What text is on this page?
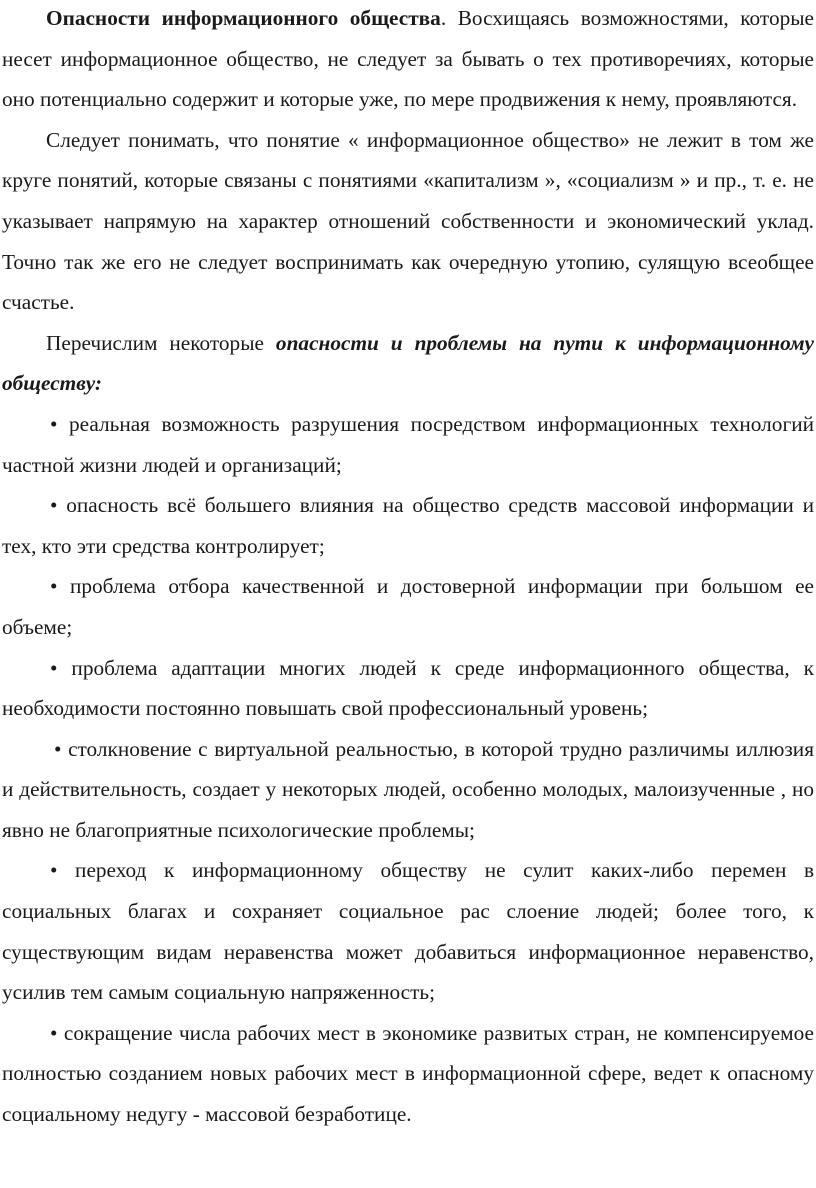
Опасности информационного общества. Восхищаясь возможностями, которые несет информационное общество, не следует за бывать о тех противоречиях, которые оно потенциально содержит и которые уже, по мере продвижения к нему, проявляются.

Следует понимать, что понятие « информационное общество» не лежит в том же круге понятий, которые связаны с понятиями «капитализм », «социализм » и пр., т. е. не указывает напрямую на характер отношений собственности и экономический уклад. Точно так же его не следует воспринимать как очередную утопию, сулящую всеобщее счастье.

Перечислим некоторые опасности и проблемы на пути к информационному обществу:

• реальная возможность разрушения посредством информационных технологий частной жизни людей и организаций;

• опасность всё большего влияния на общество средств массовой информации и тех, кто эти средства контролирует;

• проблема отбора качественной и достоверной информации при большом ее объеме;

• проблема адаптации многих людей к среде информационного общества, к необходимости постоянно повышать свой профессиональный уровень;

• столкновение с виртуальной реальностью, в которой трудно различимы иллюзия и действительность, создает у некоторых людей, особенно молодых, малоизученные , но явно не благоприятные психологические проблемы;

• переход к информационному обществу не сулит каких-либо перемен в социальных благах и сохраняет социальное рас слоение людей; более того, к существующим видам неравенства может добавиться информационное неравенство, усилив тем самым социальную напряженность;

• сокращение числа рабочих мест в экономике развитых стран, не компенсируемое полностью созданием новых рабочих мест в информационной сфере, ведет к опасному социальному недугу - массовой безработице.
